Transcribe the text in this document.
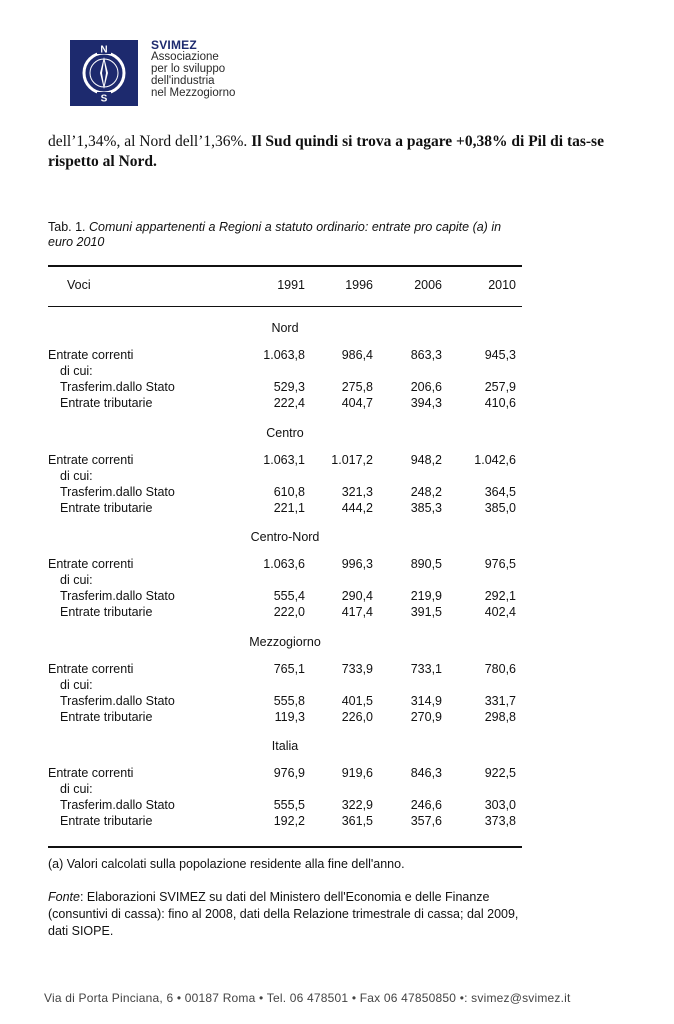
N
S
SVIMEZ
Associazione
per lo sviluppo
dell'industria
nel Mezzogiorno
dell’1,34%, al Nord dell’1,36%. Il Sud quindi si trova a pagare +0,38% di Pil di tas-se rispetto al Nord.
Tab. 1. Comuni appartenenti a Regioni a statuto ordinario: entrate pro capite (a) in euro 2010
Voci	1991	1996	2006	2010
Nord
Entrate correnti	1.063,8	986,4	863,3	945,3
di cui:
Trasferim.dallo Stato	529,3	275,8	206,6	257,9
Entrate tributarie	222,4	404,7	394,3	410,6
Centro
Entrate correnti	1.063,1	1.017,2	948,2	1.042,6
di cui:
Trasferim.dallo Stato	610,8	321,3	248,2	364,5
Entrate tributarie	221,1	444,2	385,3	385,0
Centro-Nord
Entrate correnti	1.063,6	996,3	890,5	976,5
di cui:
Trasferim.dallo Stato	555,4	290,4	219,9	292,1
Entrate tributarie	222,0	417,4	391,5	402,4
Mezzogiorno
Entrate correnti	765,1	733,9	733,1	780,6
di cui:
Trasferim.dallo Stato	555,8	401,5	314,9	331,7
Entrate tributarie	119,3	226,0	270,9	298,8
Italia
Entrate correnti	976,9	919,6	846,3	922,5
di cui:
Trasferim.dallo Stato	555,5	322,9	246,6	303,0
Entrate tributarie	192,2	361,5	357,6	373,8
(a) Valori calcolati sulla popolazione residente alla fine dell'anno.
Fonte: Elaborazioni SVIMEZ su dati del Ministero dell'Economia e delle Finanze (consuntivi di cassa): fino al 2008, dati della Relazione trimestrale di cassa; dal 2009, dati SIOPE.
Via di Porta Pinciana, 6 • 00187 Roma • Tel. 06 478501 • Fax 06 47850850 •: svimez@svimez.it
